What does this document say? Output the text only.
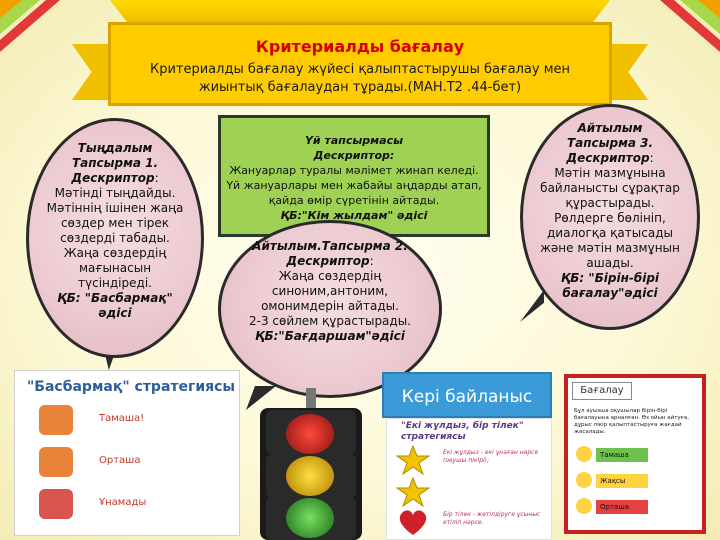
Критериалды бағалау
Критериалды бағалау жүйесі қалыптастырушы бағалау мен жиынтық бағалаудан тұрады.(МАН.Т2 .44-бет)
Тыңдалым
Тапсырма 1.
Дескриптор:
Мәтінді тыңдайды.
Мәтіннің ішінен жаңа сөздер мен тірек сөздерді табады.
Жаңа сөздердің мағынасын түсіндіреді.
ҚБ: "Басбармақ" әдісі
Үй тапсырмасы
Дескриптор:
Жануарлар туралы мәлімет жинап келеді.
Үй жануарлары мен жабайы аңдарды атап, қайда өмір сүретінін айтады.
ҚБ:"Кім жылдам" әдісі
Айтылым
Тапсырма 3.
Дескриптор:
Мәтін мазмұнына байланысты сұрақтар құрастырады.
Рөлдерге бөлініп, диалогқа қатысады және мәтін мазмұнын ашады.
ҚБ: "Бірін-бірі бағалау"әдісі
Айтылым.Тапсырма 2.
Дескриптор:
Жаңа сөздердің синоним,антоним, омонимдерін айтады.
2-3 сөйлем құрастырады.
ҚБ:"Бағдаршам"әдісі
"Басбармақ" стратегиясы
Тамаша!
Орташа
Ұнамады
Кері байланыс
"Екі жұлдыз, бір тілек" стратегиясы
Екі жұлдыз - екі ұнаған нәрсе (оқушы пікірі);
Бір тілек - жетілдіруге ұсыныс етіліп нәрсе.
Бағалау
Бұл ауызша оқушылар бірін-бірі бағалауына арналған. Өз ойын айтуға, дұрыс пікір қалыптастыруға жағдай жасалады.
Тамаша
Жақсы
Орташа
